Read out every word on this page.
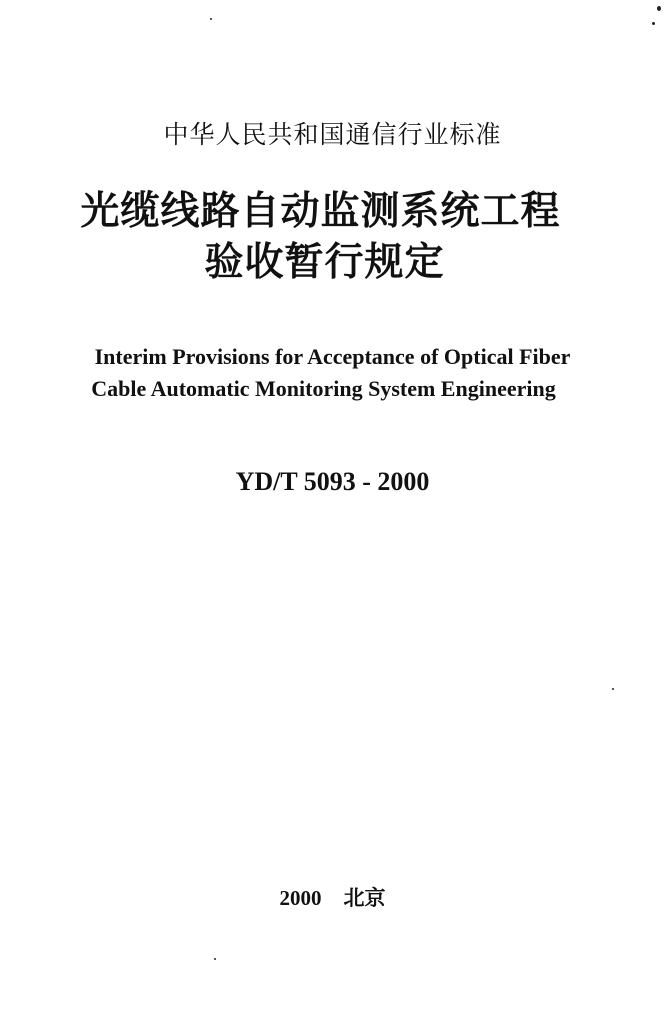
中华人民共和国通信行业标准
光缆线路自动监测系统工程
验收暂行规定
Interim Provisions for Acceptance of Optical Fiber
Cable Automatic Monitoring System Engineering
YD/T 5093 - 2000
2000 北京
